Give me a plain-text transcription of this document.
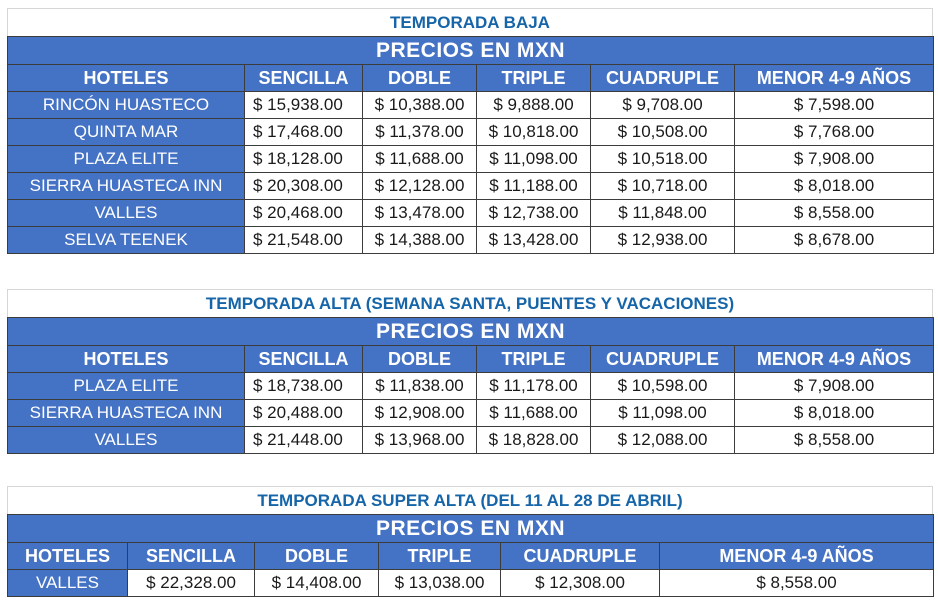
TEMPORADA BAJA
PRECIOS EN MXN					
HOTELES	SENCILLA	DOBLE	TRIPLE	CUADRUPLE	MENOR 4-9 AÑOS
RINCÓN HUASTECO	$ 15,938.00	$ 10,388.00	$ 9,888.00	$ 9,708.00	$ 7,598.00
QUINTA MAR	$ 17,468.00	$ 11,378.00	$ 10,818.00	$ 10,508.00	$ 7,768.00
PLAZA ELITE	$ 18,128.00	$ 11,688.00	$ 11,098.00	$ 10,518.00	$ 7,908.00
SIERRA HUASTECA INN	$ 20,308.00	$ 12,128.00	$ 11,188.00	$ 10,718.00	$ 8,018.00
VALLES	$ 20,468.00	$ 13,478.00	$ 12,738.00	$ 11,848.00	$ 8,558.00
SELVA TEENEK	$ 21,548.00	$ 14,388.00	$ 13,428.00	$ 12,938.00	$ 8,678.00
TEMPORADA ALTA (SEMANA SANTA, PUENTES Y VACACIONES)
PRECIOS EN MXN					
HOTELES	SENCILLA	DOBLE	TRIPLE	CUADRUPLE	MENOR 4-9 AÑOS
PLAZA ELITE	$ 18,738.00	$ 11,838.00	$ 11,178.00	$ 10,598.00	$ 7,908.00
SIERRA HUASTECA INN	$ 20,488.00	$ 12,908.00	$ 11,688.00	$ 11,098.00	$ 8,018.00
VALLES	$ 21,448.00	$ 13,968.00	$ 18,828.00	$ 12,088.00	$ 8,558.00
TEMPORADA SUPER ALTA (DEL 11 AL 28 DE ABRIL)
PRECIOS EN MXN					
HOTELES	SENCILLA	DOBLE	TRIPLE	CUADRUPLE	MENOR 4-9 AÑOS
VALLES	$ 22,328.00	$ 14,408.00	$ 13,038.00	$ 12,308.00	$ 8,558.00
